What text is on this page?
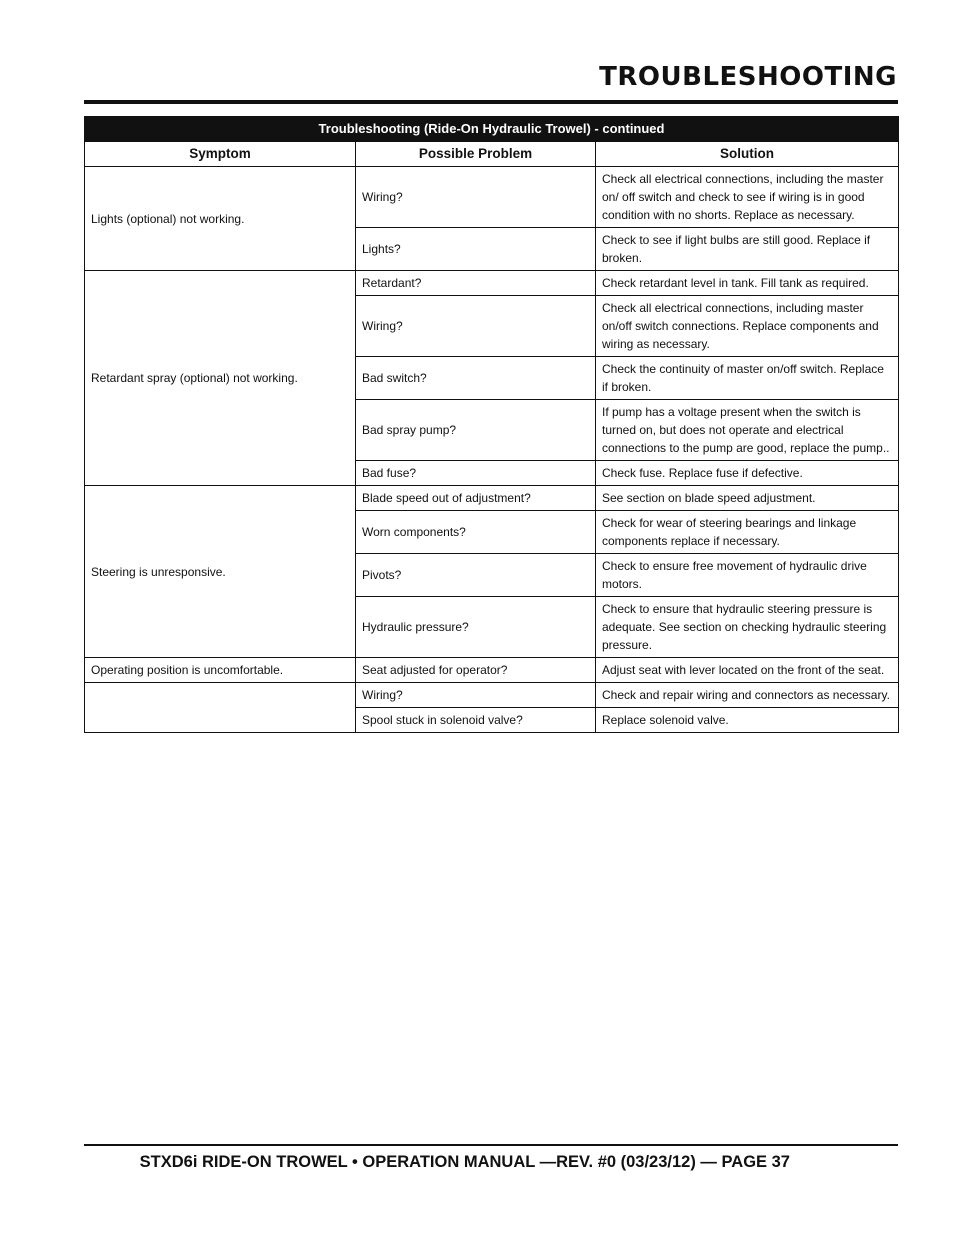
TROUBLESHOOTING
Troubleshooting (Ride-On Hydraulic Trowel) - continued		
Symptom	Possible Problem	Solution
Lights (optional) not working.	Wiring?	Check all electrical connections, including the master on/ off switch and check to see if wiring is in good condition with no shorts. Replace as necessary.
	Lights?	Check to see if light bulbs are still good. Replace if broken.
Retardant spray (optional) not working.	Retardant?	Check retardant level in tank. Fill tank as required.
	Wiring?	Check all electrical connections, including master on/off switch connections. Replace components and wiring as necessary.
	Bad switch?	Check the continuity of master on/off switch. Replace if broken.
	Bad spray pump?	If pump has a voltage present when the switch is turned on, but does not operate and electrical connections to the pump are good, replace the pump..
	Bad fuse?	Check fuse. Replace fuse if defective.
Steering is unresponsive.	Blade speed out of adjustment?	See section on blade speed adjustment.
	Worn components?	Check for wear of steering bearings and linkage components replace if necessary.
	Pivots?	Check to ensure free movement of hydraulic drive motors.
	Hydraulic pressure?	Check to ensure that hydraulic steering pressure is adequate. See section on checking hydraulic steering pressure.
Operating position is uncomfortable.	Seat adjusted for operator?	Adjust seat with lever located on the front of the seat.
	Wiring?	Check and repair wiring and connectors as necessary.
	Spool stuck in solenoid valve?	Replace solenoid valve.
STXD6i RIDE-ON TROWEL • OPERATION MANUAL —REV. #0 (03/23/12) — PAGE 37
